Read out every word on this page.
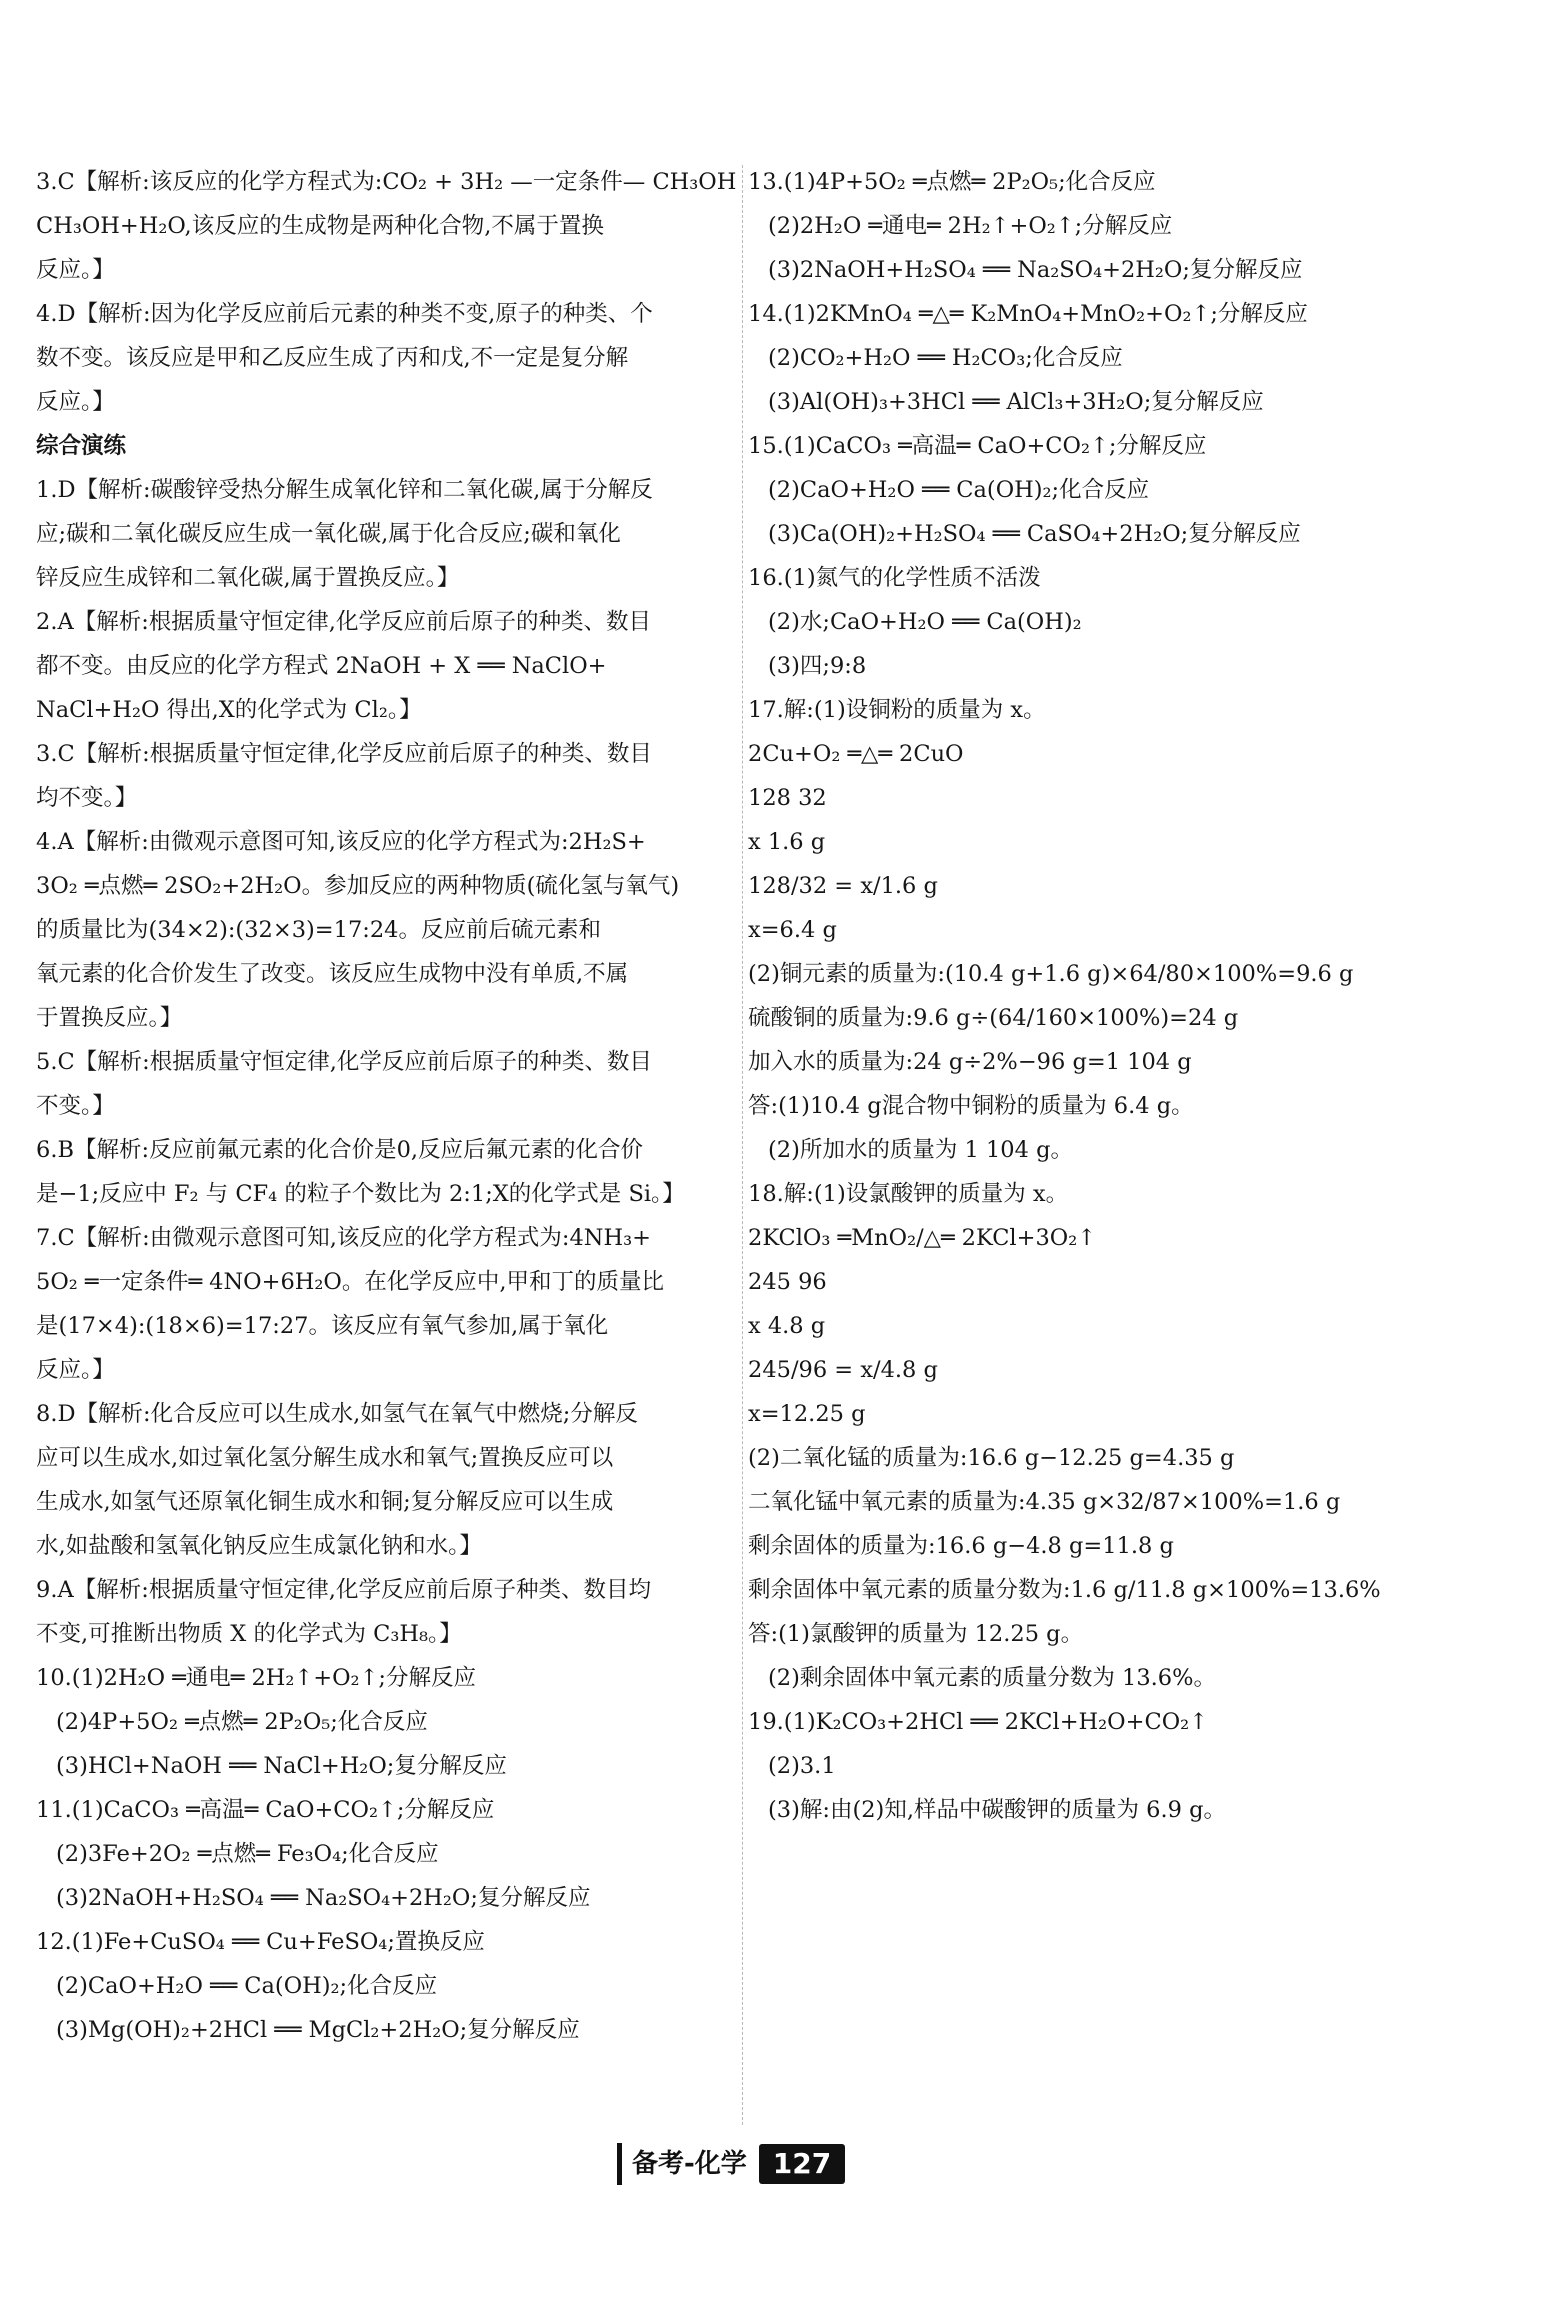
3.C【解析:该反应的化学方程式为:CO₂ + 3H₂ —一定条件— CH₃OH
CH₃OH+H₂O,该反应的生成物是两种化合物,不属于置换
反应。】
4.D【解析:因为化学反应前后元素的种类不变,原子的种类、个
数不变。该反应是甲和乙反应生成了丙和戊,不一定是复分解
反应。】
综合演练
1.D【解析:碳酸锌受热分解生成氧化锌和二氧化碳,属于分解反
应;碳和二氧化碳反应生成一氧化碳,属于化合反应;碳和氧化
锌反应生成锌和二氧化碳,属于置换反应。】
2.A【解析:根据质量守恒定律,化学反应前后原子的种类、数目
都不变。由反应的化学方程式 2NaOH + X ══ NaClO+
NaCl+H₂O 得出,X的化学式为 Cl₂。】
3.C【解析:根据质量守恒定律,化学反应前后原子的种类、数目
均不变。】
4.A【解析:由微观示意图可知,该反应的化学方程式为:2H₂S+
3O₂ ═点燃═ 2SO₂+2H₂O。参加反应的两种物质(硫化氢与氧气)
的质量比为(34×2):(32×3)=17:24。反应前后硫元素和
氧元素的化合价发生了改变。该反应生成物中没有单质,不属
于置换反应。】
5.C【解析:根据质量守恒定律,化学反应前后原子的种类、数目
不变。】
6.B【解析:反应前氟元素的化合价是0,反应后氟元素的化合价
是−1;反应中 F₂ 与 CF₄ 的粒子个数比为 2:1;X的化学式是 Si。】
7.C【解析:由微观示意图可知,该反应的化学方程式为:4NH₃+
5O₂ ═一定条件═ 4NO+6H₂O。在化学反应中,甲和丁的质量比
是(17×4):(18×6)=17:27。该反应有氧气参加,属于氧化
反应。】
8.D【解析:化合反应可以生成水,如氢气在氧气中燃烧;分解反
应可以生成水,如过氧化氢分解生成水和氧气;置换反应可以
生成水,如氢气还原氧化铜生成水和铜;复分解反应可以生成
水,如盐酸和氢氧化钠反应生成氯化钠和水。】
9.A【解析:根据质量守恒定律,化学反应前后原子种类、数目均
不变,可推断出物质 X 的化学式为 C₃H₈。】
10.(1)2H₂O ═通电═ 2H₂↑+O₂↑;分解反应
(2)4P+5O₂ ═点燃═ 2P₂O₅;化合反应
(3)HCl+NaOH ══ NaCl+H₂O;复分解反应
11.(1)CaCO₃ ═高温═ CaO+CO₂↑;分解反应
(2)3Fe+2O₂ ═点燃═ Fe₃O₄;化合反应
(3)2NaOH+H₂SO₄ ══ Na₂SO₄+2H₂O;复分解反应
12.(1)Fe+CuSO₄ ══ Cu+FeSO₄;置换反应
(2)CaO+H₂O ══ Ca(OH)₂;化合反应
(3)Mg(OH)₂+2HCl ══ MgCl₂+2H₂O;复分解反应
13.(1)4P+5O₂ ═点燃═ 2P₂O₅;化合反应
(2)2H₂O ═通电═ 2H₂↑+O₂↑;分解反应
(3)2NaOH+H₂SO₄ ══ Na₂SO₄+2H₂O;复分解反应
14.(1)2KMnO₄ ═△═ K₂MnO₄+MnO₂+O₂↑;分解反应
(2)CO₂+H₂O ══ H₂CO₃;化合反应
(3)Al(OH)₃+3HCl ══ AlCl₃+3H₂O;复分解反应
15.(1)CaCO₃ ═高温═ CaO+CO₂↑;分解反应
(2)CaO+H₂O ══ Ca(OH)₂;化合反应
(3)Ca(OH)₂+H₂SO₄ ══ CaSO₄+2H₂O;复分解反应
16.(1)氮气的化学性质不活泼
(2)水;CaO+H₂O ══ Ca(OH)₂
(3)四;9:8
17.解:(1)设铜粉的质量为 x。
2Cu+O₂ ═△═ 2CuO
128 32
x 1.6 g
128/32 = x/1.6 g
x=6.4 g
(2)铜元素的质量为:(10.4 g+1.6 g)×64/80×100%=9.6 g
硫酸铜的质量为:9.6 g÷(64/160×100%)=24 g
加入水的质量为:24 g÷2%−96 g=1 104 g
答:(1)10.4 g混合物中铜粉的质量为 6.4 g。
(2)所加水的质量为 1 104 g。
18.解:(1)设氯酸钾的质量为 x。
2KClO₃ ═MnO₂/△═ 2KCl+3O₂↑
245 96
x 4.8 g
245/96 = x/4.8 g
x=12.25 g
(2)二氧化锰的质量为:16.6 g−12.25 g=4.35 g
二氧化锰中氧元素的质量为:4.35 g×32/87×100%=1.6 g
剩余固体的质量为:16.6 g−4.8 g=11.8 g
剩余固体中氧元素的质量分数为:1.6 g/11.8 g×100%=13.6%
答:(1)氯酸钾的质量为 12.25 g。
(2)剩余固体中氧元素的质量分数为 13.6%。
19.(1)K₂CO₃+2HCl ══ 2KCl+H₂O+CO₂↑
(2)3.1
(3)解:由(2)知,样品中碳酸钾的质量为 6.9 g。
备考-化学 127
